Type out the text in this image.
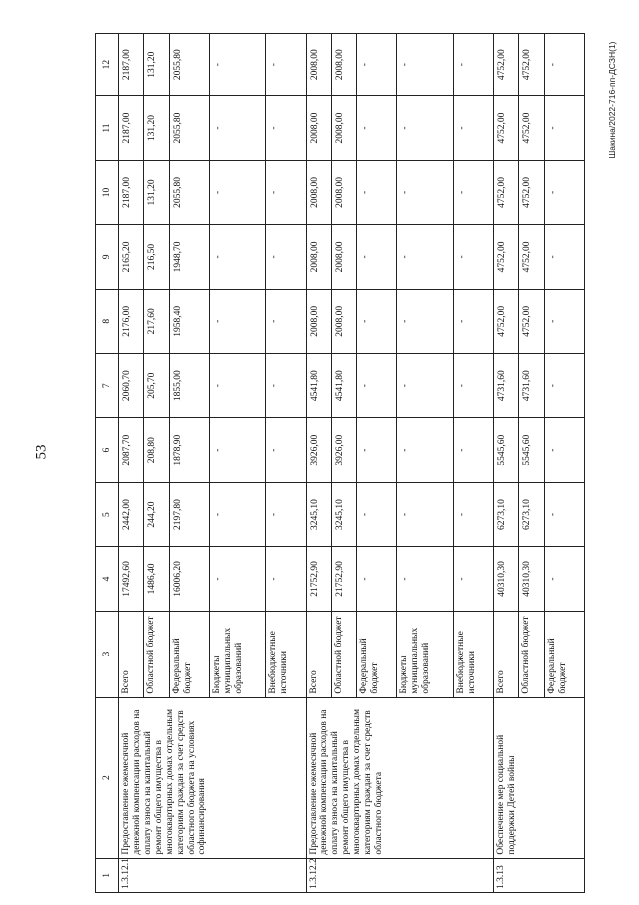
53
Шакина/2022-716-пп-ДСЗН(1)
1	2	3	4	5	6	7	8	9	10	11	12
1.3.12.1	Предоставление ежемесячной денежной компенсации расходов на оплату взноса на капитальный ремонт общего имущества в многоквартирных домах отдельным категориям граждан за счет средств областного бюджета на условиях софинансирования	Всего	17492,60	2442,00	2087,70	2060,70	2176,00	2165,20	2187,00	2187,00	2187,00
		Областной бюджет	1486,40	244,20	208,80	205,70	217,60	216,50	131,20	131,20	131,20
		Федеральный бюджет	16006,20	2197,80	1878,90	1855,00	1958,40	1948,70	2055,80	2055,80	2055,80
		Бюджеты муниципальных образований	-	-	-	-	-	-	-	-	-
		Внебюджетные источники	-	-	-	-	-	-	-	-	-
1.3.12.2	Предоставление ежемесячной денежной компенсации расходов на оплату взноса на капитальный ремонт общего имущества в многоквартирных домах отдельным категориям граждан за счет средств областного бюджета	Всего	21752,90	3245,10	3926,00	4541,80	2008,00	2008,00	2008,00	2008,00	2008,00
		Областной бюджет	21752,90	3245,10	3926,00	4541,80	2008,00	2008,00	2008,00	2008,00	2008,00
		Федеральный бюджет	-	-	-	-	-	-	-	-	-
		Бюджеты муниципальных образований	-	-	-	-	-	-	-	-	-
		Внебюджетные источники	-	-	-	-	-	-	-	-	-
1.3.13	Обеспечение мер социальной поддержки Детей войны	Всего	40310,30	6273,10	5545,60	4731,60	4752,00	4752,00	4752,00	4752,00	4752,00
		Областной бюджет	40310,30	6273,10	5545,60	4731,60	4752,00	4752,00	4752,00	4752,00	4752,00
		Федеральный бюджет	-	-	-	-	-	-	-	-	-
